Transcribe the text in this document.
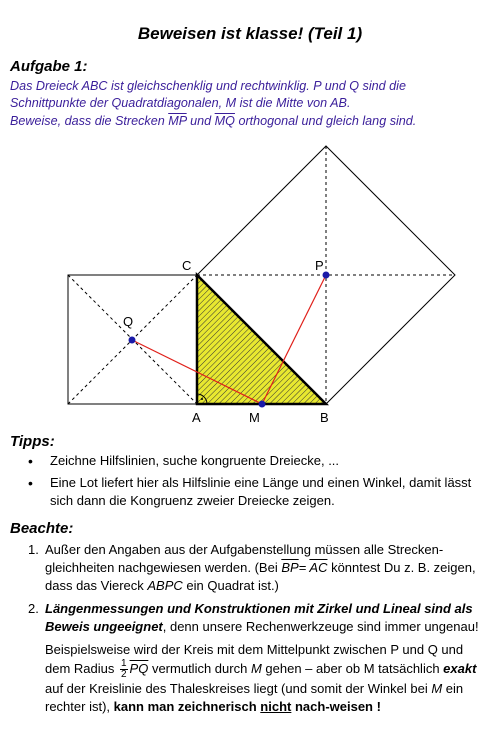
Beweisen ist klasse! (Teil 1)
Aufgabe 1:

Das Dreieck ABC ist gleichschenklig und rechtwinklig. P und Q sind die

Schnittpunkte der Quadratdiagonalen, M ist die Mitte von AB.

Beweise, dass die Strecken $\overline{MP}$ und $\overline{MQ}$ orthogonal und gleich lang sind.

C	P
Q
A	M	B
Tipps:
• Zeichne Hilfslinien, suche kongruente Dreiecke, ...
• Eine Lot liefert hier als Hilfslinie eine Länge und einen Winkel, damit lässt sich dann die Kongruenz zweier Dreiecke zeigen.
Beachte:
1. Außer den Angaben aus der Aufgabenstellung müssen alle Strecken-gleichheiten nachgewiesen werden. (Bei $\overline{BP}= \overline{AC}$ könntest Du z. B. zeigen, dass das Viereck ABPC ein Quadrat ist.)
2. Längenmessungen und Konstruktionen mit Zirkel und Lineal sind als Beweis ungeeignet, denn unsere Rechenwerkzeuge sind immer ungenau!
Beispielsweise wird der Kreis mit dem Mittelpunkt zwischen P und Q und dem Radius $\frac{1}{2} \overline{PQ}$ vermutlich durch M gehen – aber ob M tatsächlich exakt auf der Kreislinie des Thaleskreises liegt (und somit der Winkel bei M ein rechter ist), kann man zeichnerisch nicht nach-weisen !
